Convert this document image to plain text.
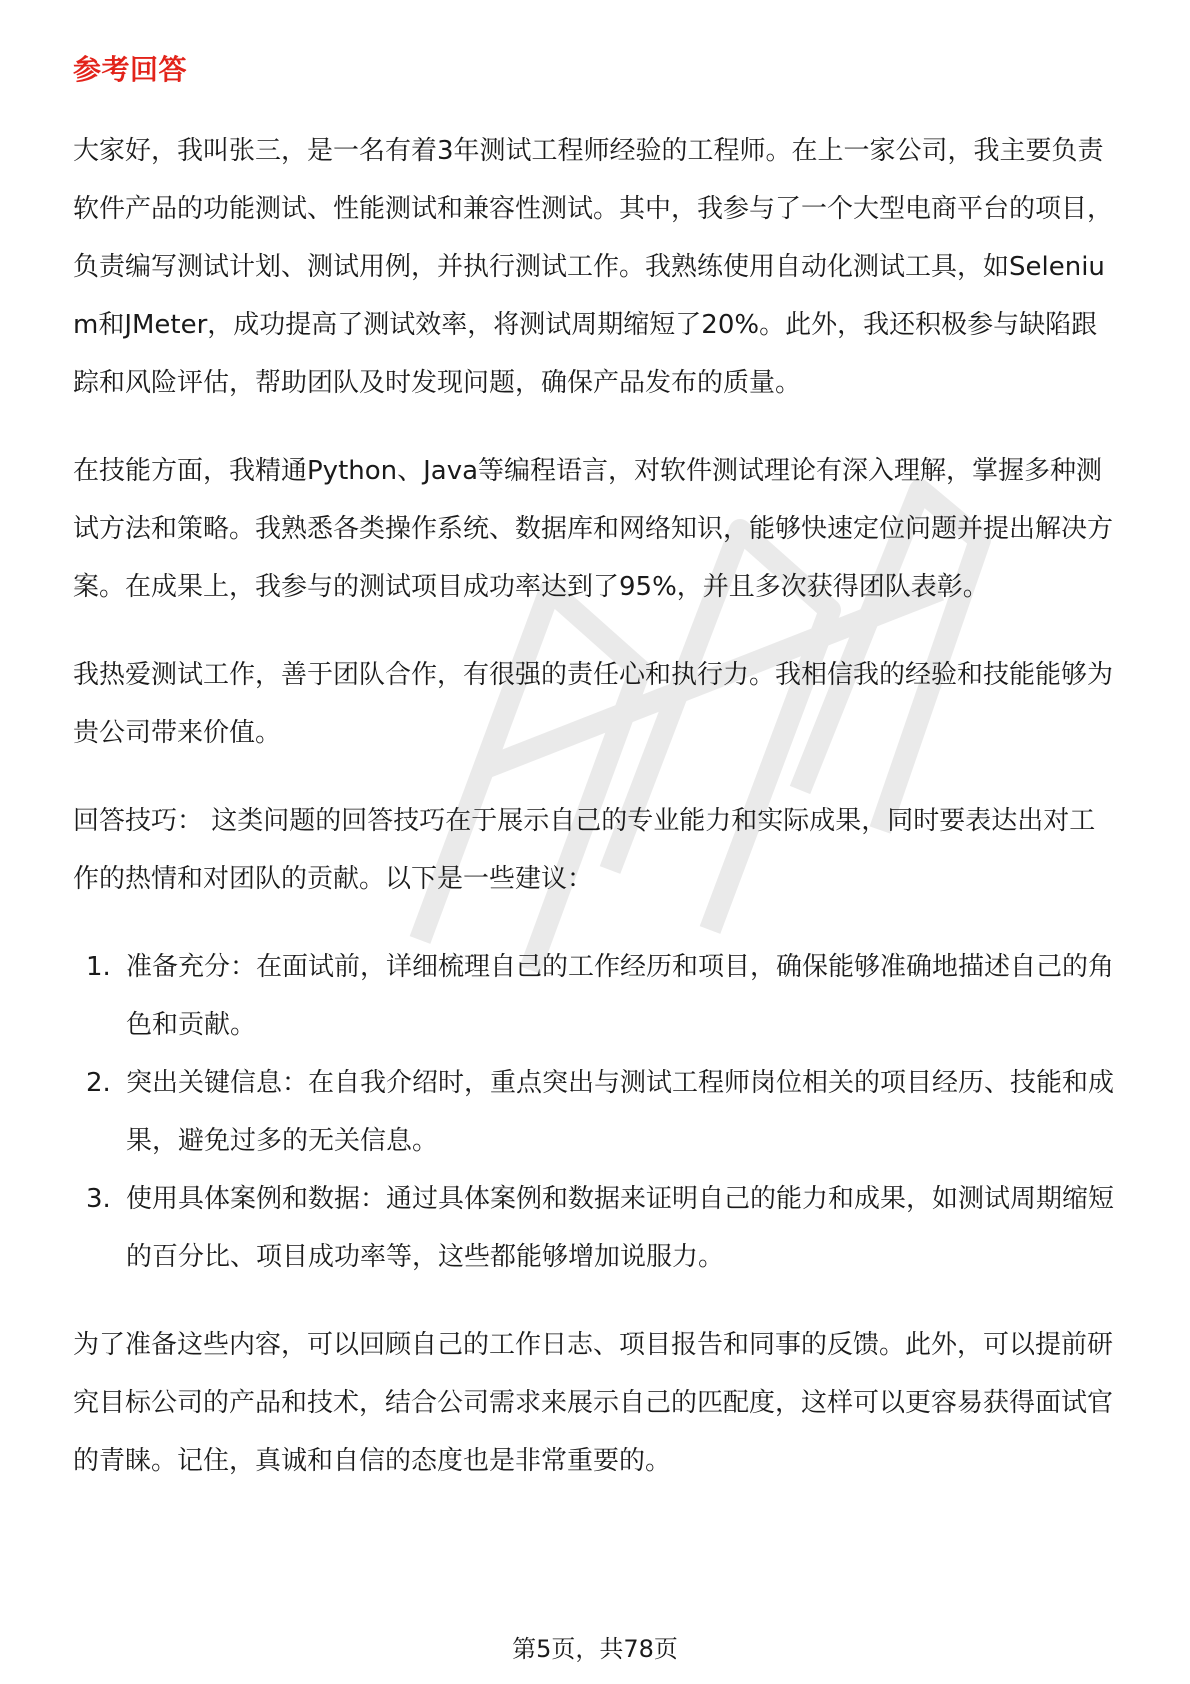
参考回答

大家好，我叫张三，是一名有着3年测试工程师经验的工程师。在上一家公司，我主要负责软件产品的功能测试、性能测试和兼容性测试。其中，我参与了一个大型电商平台的项目，负责编写测试计划、测试用例，并执行测试工作。我熟练使用自动化测试工具，如Selenium和JMeter，成功提高了测试效率，将测试周期缩短了20%。此外，我还积极参与缺陷跟踪和风险评估，帮助团队及时发现问题，确保产品发布的质量。

在技能方面，我精通Python、Java等编程语言，对软件测试理论有深入理解，掌握多种测试方法和策略。我熟悉各类操作系统、数据库和网络知识，能够快速定位问题并提出解决方案。在成果上，我参与的测试项目成功率达到了95%，并且多次获得团队表彰。

我热爱测试工作，善于团队合作，有很强的责任心和执行力。我相信我的经验和技能能够为贵公司带来价值。

回答技巧： 这类问题的回答技巧在于展示自己的专业能力和实际成果，同时要表达出对工作的热情和对团队的贡献。以下是一些建议：

1. 准备充分：在面试前，详细梳理自己的工作经历和项目，确保能够准确地描述自己的角色和贡献。
2. 突出关键信息：在自我介绍时，重点突出与测试工程师岗位相关的项目经历、技能和成果，避免过多的无关信息。
3. 使用具体案例和数据：通过具体案例和数据来证明自己的能力和成果，如测试周期缩短的百分比、项目成功率等，这些都能够增加说服力。

为了准备这些内容，可以回顾自己的工作日志、项目报告和同事的反馈。此外，可以提前研究目标公司的产品和技术，结合公司需求来展示自己的匹配度，这样可以更容易获得面试官的青睐。记住，真诚和自信的态度也是非常重要的。

第5页，共78页
